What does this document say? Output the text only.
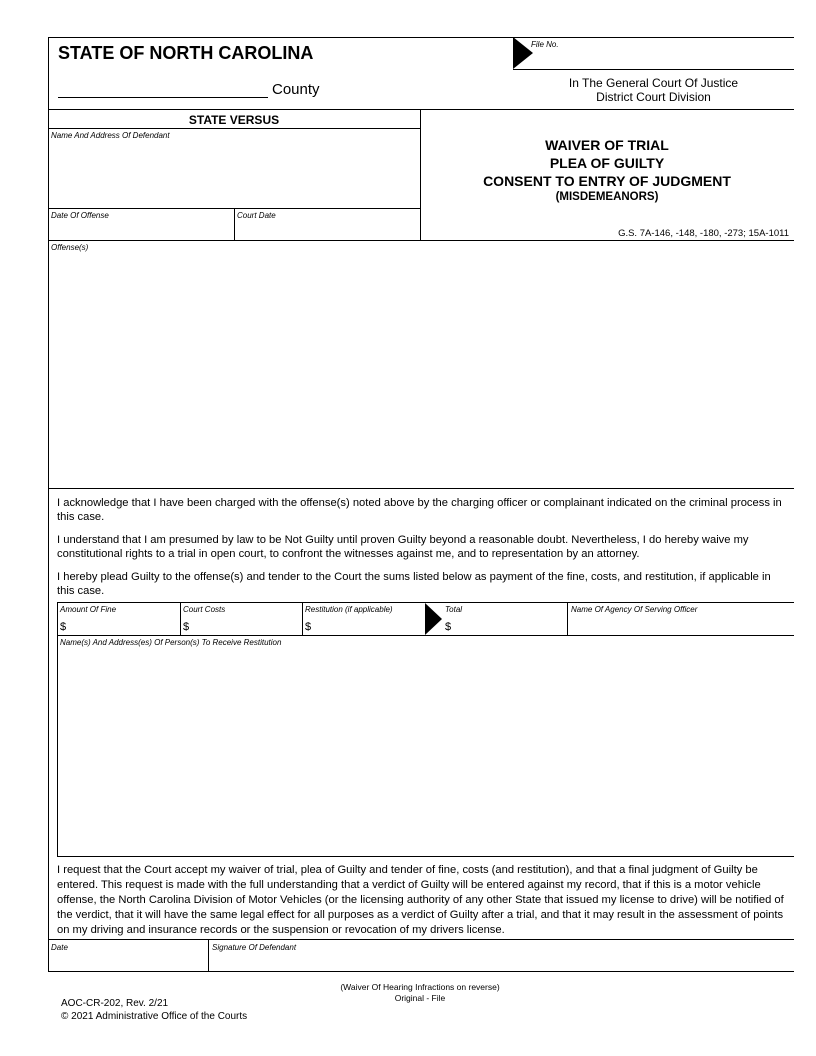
STATE OF NORTH CAROLINA
County
File No.
In The General Court Of Justice
District Court Division
STATE VERSUS
Name And Address Of Defendant
Date Of Offense	Court Date
WAIVER OF TRIAL
PLEA OF GUILTY
CONSENT TO ENTRY OF JUDGMENT
(MISDEMEANORS)
G.S. 7A-146, -148, -180, -273; 15A-1011
Offense(s)
I acknowledge that I have been charged with the offense(s) noted above by the charging officer or complainant indicated on the criminal process in this case.
I understand that I am presumed by law to be Not Guilty until proven Guilty beyond a reasonable doubt. Nevertheless, I do hereby waive my constitutional rights to a trial in open court, to confront the witnesses against me, and to representation by an attorney.
I hereby plead Guilty to the offense(s) and tender to the Court the sums listed below as payment of the fine, costs, and restitution, if applicable in this case.
Amount Of Fine
$
Court Costs
$
Restitution (if applicable)
$
Total
$
Name Of Agency Of Serving Officer
Name(s) And Address(es) Of Person(s) To Receive Restitution
I request that the Court accept my waiver of trial, plea of Guilty and tender of fine, costs (and restitution), and that a final judgment of Guilty be entered. This request is made with the full understanding that a verdict of Guilty will be entered against my record, that if this is a motor vehicle offense, the North Carolina Division of Motor Vehicles (or the licensing authority of any other State that issued my license to drive) will be notified of the verdict, that it will have the same legal effect for all purposes as a verdict of Guilty after a trial, and that it may result in the assessment of points on my driving and insurance records or the suspension or revocation of my drivers license.
Date	Signature Of Defendant
(Waiver Of Hearing Infractions on reverse)
Original - File
AOC-CR-202, Rev. 2/21
© 2021 Administrative Office of the Courts
